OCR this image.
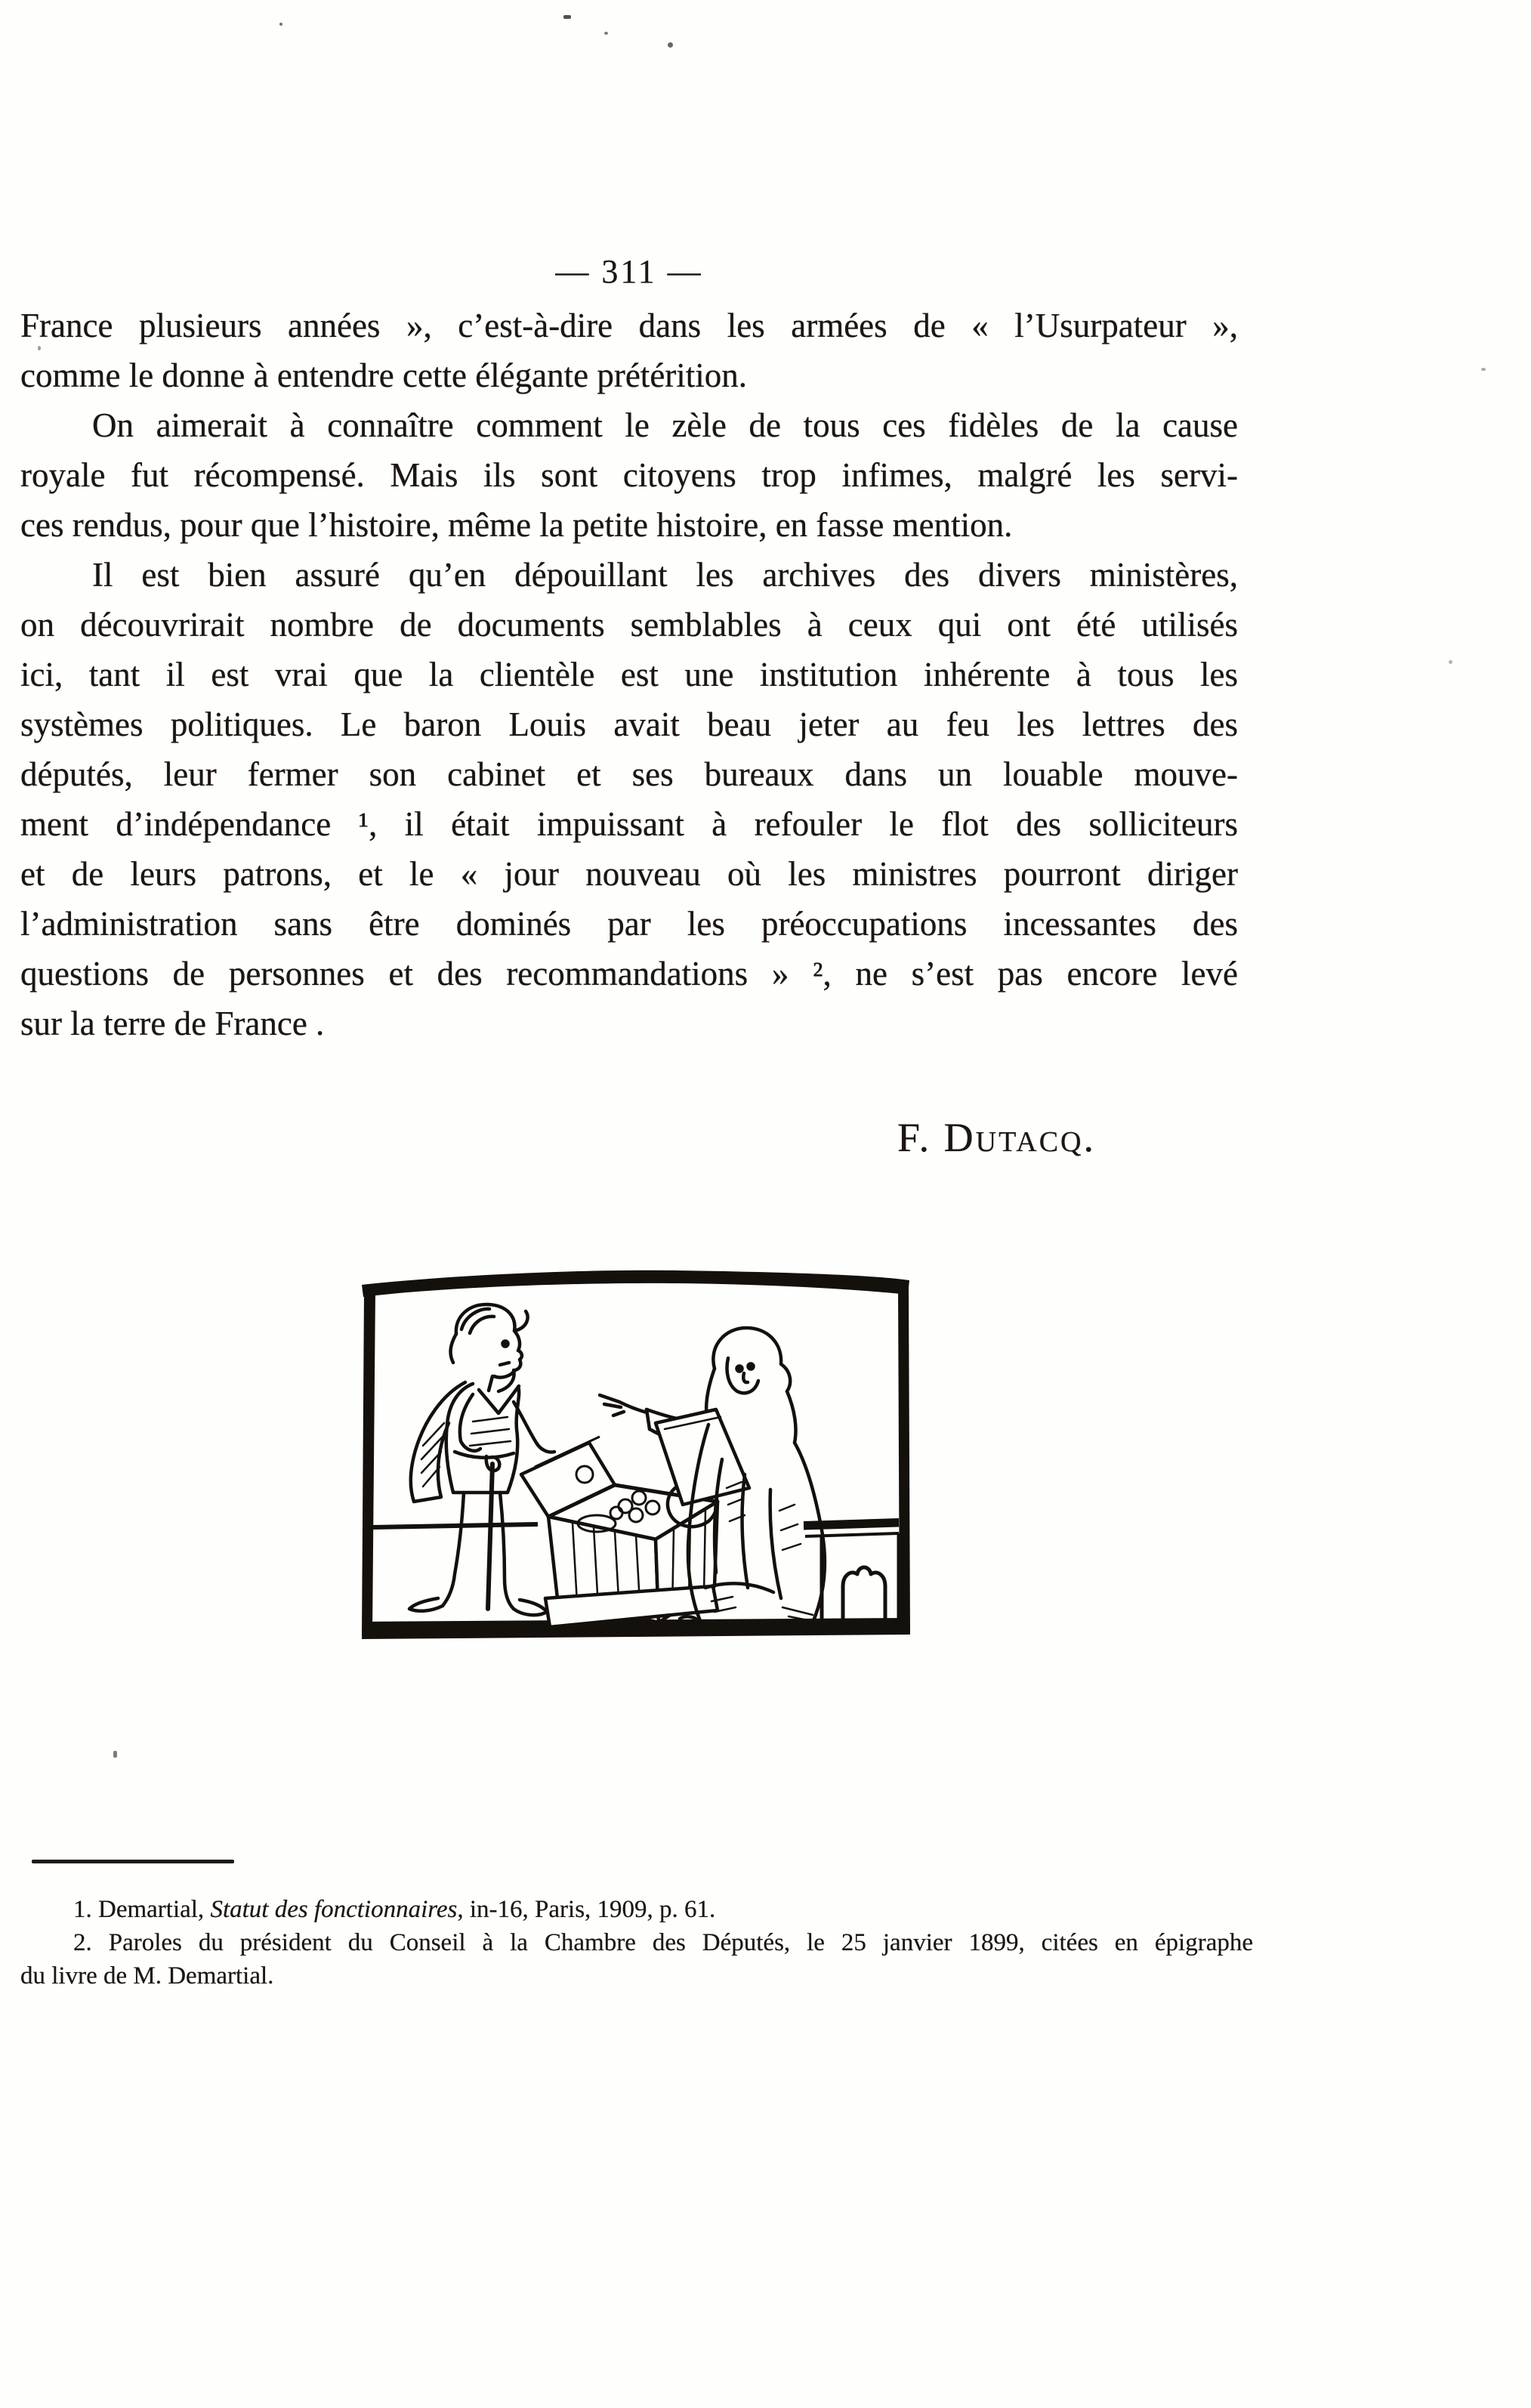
— 311 —
France plusieurs années », c’est-à-dire dans les armées de « l’Usurpateur »,
comme le donne à entendre cette élégante prétérition.
On aimerait à connaître comment le zèle de tous ces fidèles de la cause
royale fut récompensé. Mais ils sont citoyens trop infimes, malgré les servi-
ces rendus, pour que l’histoire, même la petite histoire, en fasse mention.
Il est bien assuré qu’en dépouillant les archives des divers ministères,
on découvrirait nombre de documents semblables à ceux qui ont été utilisés
ici, tant il est vrai que la clientèle est une institution inhérente à tous les
systèmes politiques. Le baron Louis avait beau jeter au feu les lettres des
députés, leur fermer son cabinet et ses bureaux dans un louable mouve-
ment d’indépendance ¹, il était impuissant à refouler le flot des solliciteurs
et de leurs patrons, et le « jour nouveau où les ministres pourront diriger
l’administration sans être dominés par les préoccupations incessantes des
questions de personnes et des recommandations » ², ne s’est pas encore levé
sur la terre de France .
F. Dutacq.
1. Demartial, Statut des fonctionnaires, in-16, Paris, 1909, p. 61.
2. Paroles du président du Conseil à la Chambre des Députés, le 25 janvier 1899, citées en épigraphe
du livre de M. Demartial.
